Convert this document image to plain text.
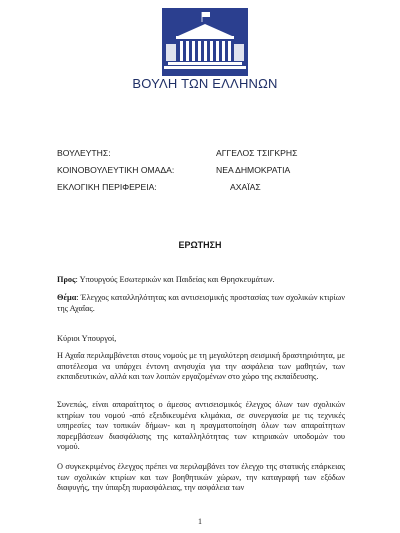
ΒΟΥΛΗ ΤΩΝ ΕΛΛΗΝΩΝ
ΒΟΥΛΕΥΤΗΣ:	ΑΓΓΕΛΟΣ ΤΣΙΓΚΡΗΣ
ΚΟΙΝΟΒΟΥΛΕΥΤΙΚΗ ΟΜΑΔΑ:	ΝΕΑ ΔΗΜΟΚΡΑΤΙΑ
ΕΚΛΟΓΙΚΗ ΠΕΡΙΦΕΡΕΙΑ:	ΑΧΑΪΑΣ
ΕΡΩΤΗΣΗ
Προς: Υπουργούς Εσωτερικών και Παιδείας και Θρησκευμάτων.
Θέμα: Έλεγχος καταλληλότητας και αντισεισμικής προστασίας των σχολικών κτιρίων της Αχαΐας.
Κύριοι Υπουργοί,
Η Αχαΐα περιλαμβάνεται στους νομούς με τη μεγαλύτερη σεισμική δραστηριότητα, με αποτέλεσμα να υπάρχει έντονη ανησυχία για την ασφάλεια των μαθητών, των εκπαιδευτικών, αλλά και των λοιπών εργαζομένων στο χώρο της εκπαίδευσης.
Συνεπώς, είναι απαραίτητος ο άμεσος αντισεισμικός έλεγχος όλων των σχολικών κτηρίων του νομού -από εξειδικευμένα κλιμάκια, σε συνεργασία με τις τεχνικές υπηρεσίες των τοπικών δήμων- και η πραγματοποίηση όλων των απαραίτητων παρεμβάσεων διασφάλισης της καταλληλότητας των κτηριακών υποδομών του νομού.
Ο συγκεκριμένος έλεγχος πρέπει να περιλαμβάνει τον έλεγχο της στατικής επάρκειας των σχολικών κτιρίων και των βοηθητικών χώρων, την καταγραφή των εξόδων διαφυγής, την ύπαρξη πυρασφάλειας, την ασφάλεια των
1
